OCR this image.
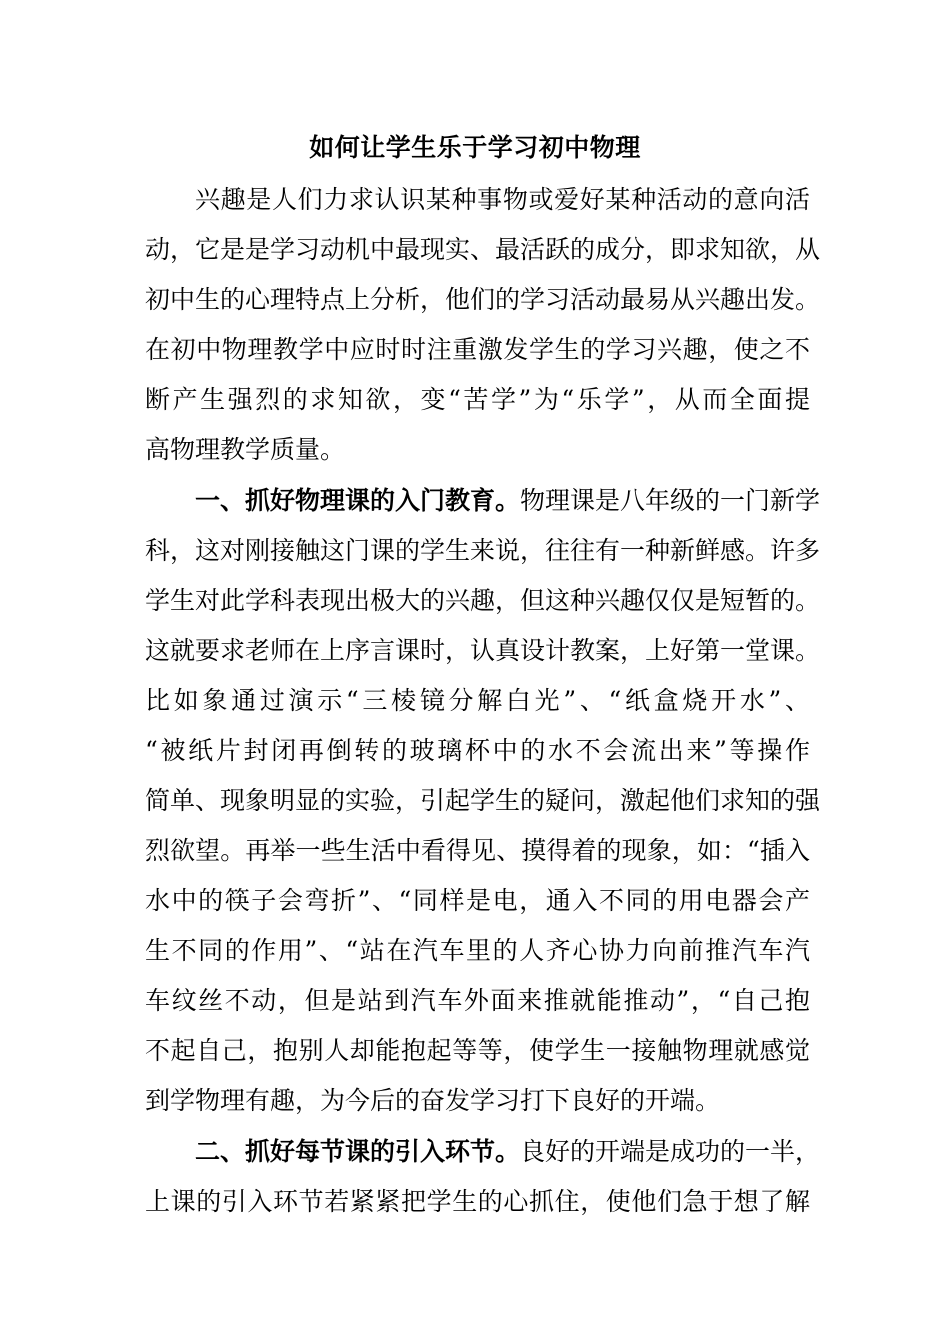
如何让学生乐于学习初中物理

兴趣是人们力求认识某种事物或爱好某种活动的意向活

动，它是是学习动机中最现实、最活跃的成分，即求知欲，从

初中生的心理特点上分析，他们的学习活动最易从兴趣出发。

在初中物理教学中应时时注重激发学生的学习兴趣，使之不

断产生强烈的求知欲，变“苦学”为“乐学”，从而全面提

高物理教学质量。

一、抓好物理课的入门教育。物理课是八年级的一门新学

科，这对刚接触这门课的学生来说，往往有一种新鲜感。许多

学生对此学科表现出极大的兴趣，但这种兴趣仅仅是短暂的。

这就要求老师在上序言课时，认真设计教案，上好第一堂课。

比如象通过演示“三棱镜分解白光”、“纸盒烧开水”、

“被纸片封闭再倒转的玻璃杯中的水不会流出来”等操作

简单、现象明显的实验，引起学生的疑问，激起他们求知的强

烈欲望。再举一些生活中看得见、摸得着的现象，如：“插入

水中的筷子会弯折”、“同样是电，通入不同的用电器会产

生不同的作用”、“站在汽车里的人齐心协力向前推汽车汽

车纹丝不动，但是站到汽车外面来推就能推动”，“自己抱

不起自己，抱别人却能抱起等等，使学生一接触物理就感觉

到学物理有趣，为今后的奋发学习打下良好的开端。

二、抓好每节课的引入环节。良好的开端是成功的一半，

上课的引入环节若紧紧把学生的心抓住，使他们急于想了解
